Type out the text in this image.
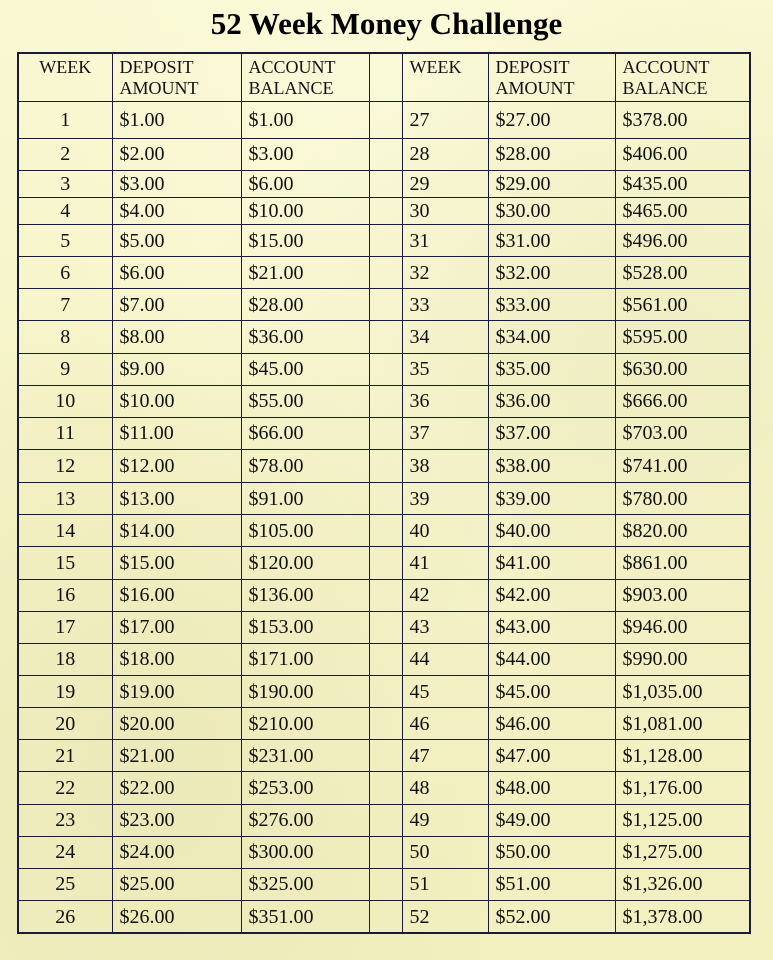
52 Week Money Challenge
WEEK	DEPOSIT AMOUNT	ACCOUNT BALANCE		WEEK	DEPOSIT AMOUNT	ACCOUNT BALANCE
1	$1.00	$1.00		27	$27.00	$378.00
2	$2.00	$3.00		28	$28.00	$406.00
3	$3.00	$6.00		29	$29.00	$435.00
4	$4.00	$10.00		30	$30.00	$465.00
5	$5.00	$15.00		31	$31.00	$496.00
6	$6.00	$21.00		32	$32.00	$528.00
7	$7.00	$28.00		33	$33.00	$561.00
8	$8.00	$36.00		34	$34.00	$595.00
9	$9.00	$45.00		35	$35.00	$630.00
10	$10.00	$55.00		36	$36.00	$666.00
11	$11.00	$66.00		37	$37.00	$703.00
12	$12.00	$78.00		38	$38.00	$741.00
13	$13.00	$91.00		39	$39.00	$780.00
14	$14.00	$105.00		40	$40.00	$820.00
15	$15.00	$120.00		41	$41.00	$861.00
16	$16.00	$136.00		42	$42.00	$903.00
17	$17.00	$153.00		43	$43.00	$946.00
18	$18.00	$171.00		44	$44.00	$990.00
19	$19.00	$190.00		45	$45.00	$1,035.00
20	$20.00	$210.00		46	$46.00	$1,081.00
21	$21.00	$231.00		47	$47.00	$1,128.00
22	$22.00	$253.00		48	$48.00	$1,176.00
23	$23.00	$276.00		49	$49.00	$1,125.00
24	$24.00	$300.00		50	$50.00	$1,275.00
25	$25.00	$325.00		51	$51.00	$1,326.00
26	$26.00	$351.00		52	$52.00	$1,378.00
